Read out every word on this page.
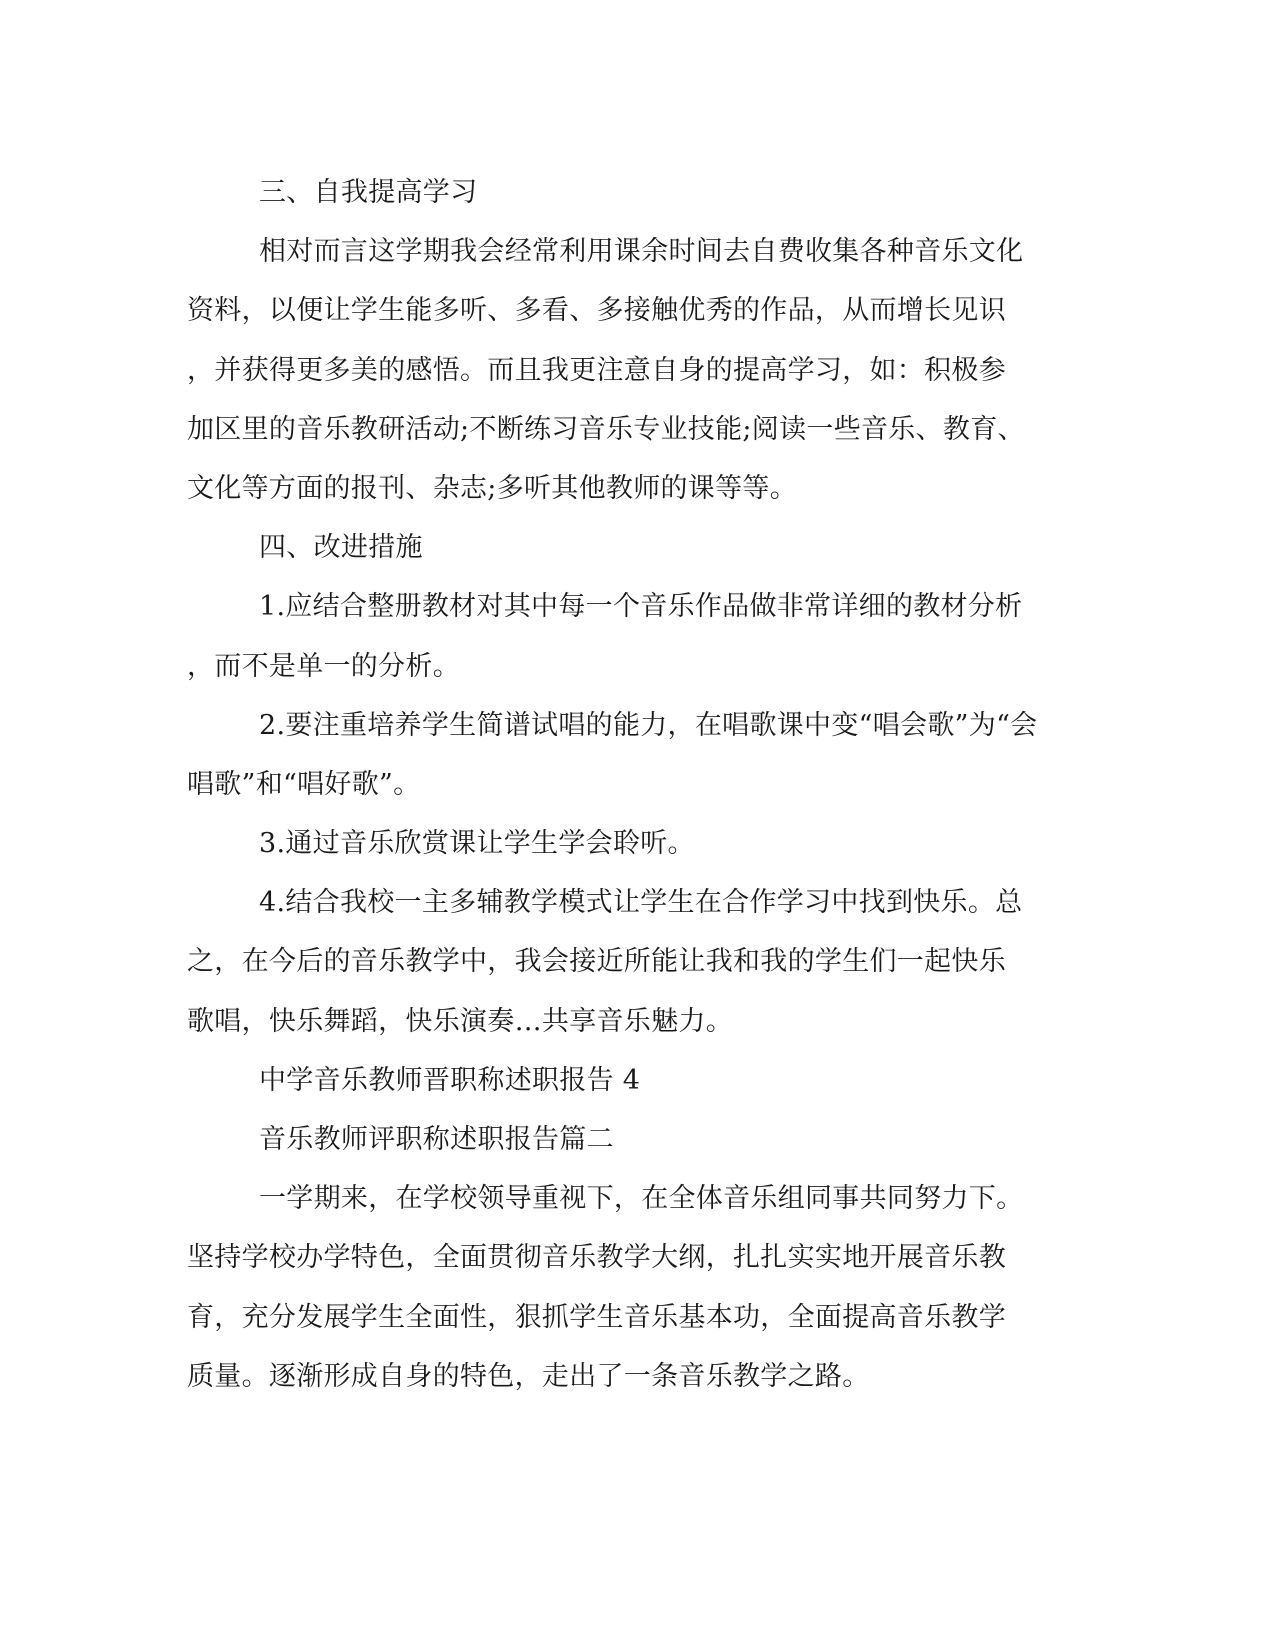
三、自我提高学习
相对而言这学期我会经常利用课余时间去自费收集各种音乐文化
资料，以便让学生能多听、多看、多接触优秀的作品，从而增长见识
，并获得更多美的感悟。而且我更注意自身的提高学习，如：积极参
加区里的音乐教研活动;不断练习音乐专业技能;阅读一些音乐、教育、
文化等方面的报刊、杂志;多听其他教师的课等等。
四、改进措施
1.应结合整册教材对其中每一个音乐作品做非常详细的教材分析
，而不是单一的分析。
2.要注重培养学生简谱试唱的能力，在唱歌课中变“唱会歌”为“会
唱歌”和“唱好歌”。
3.通过音乐欣赏课让学生学会聆听。
4.结合我校一主多辅教学模式让学生在合作学习中找到快乐。总
之，在今后的音乐教学中，我会接近所能让我和我的学生们一起快乐
歌唱，快乐舞蹈，快乐演奏…共享音乐魅力。
中学音乐教师晋职称述职报告 4
音乐教师评职称述职报告篇二
一学期来，在学校领导重视下，在全体音乐组同事共同努力下。
坚持学校办学特色，全面贯彻音乐教学大纲，扎扎实实地开展音乐教
育，充分发展学生全面性，狠抓学生音乐基本功，全面提高音乐教学
质量。逐渐形成自身的特色，走出了一条音乐教学之路。
